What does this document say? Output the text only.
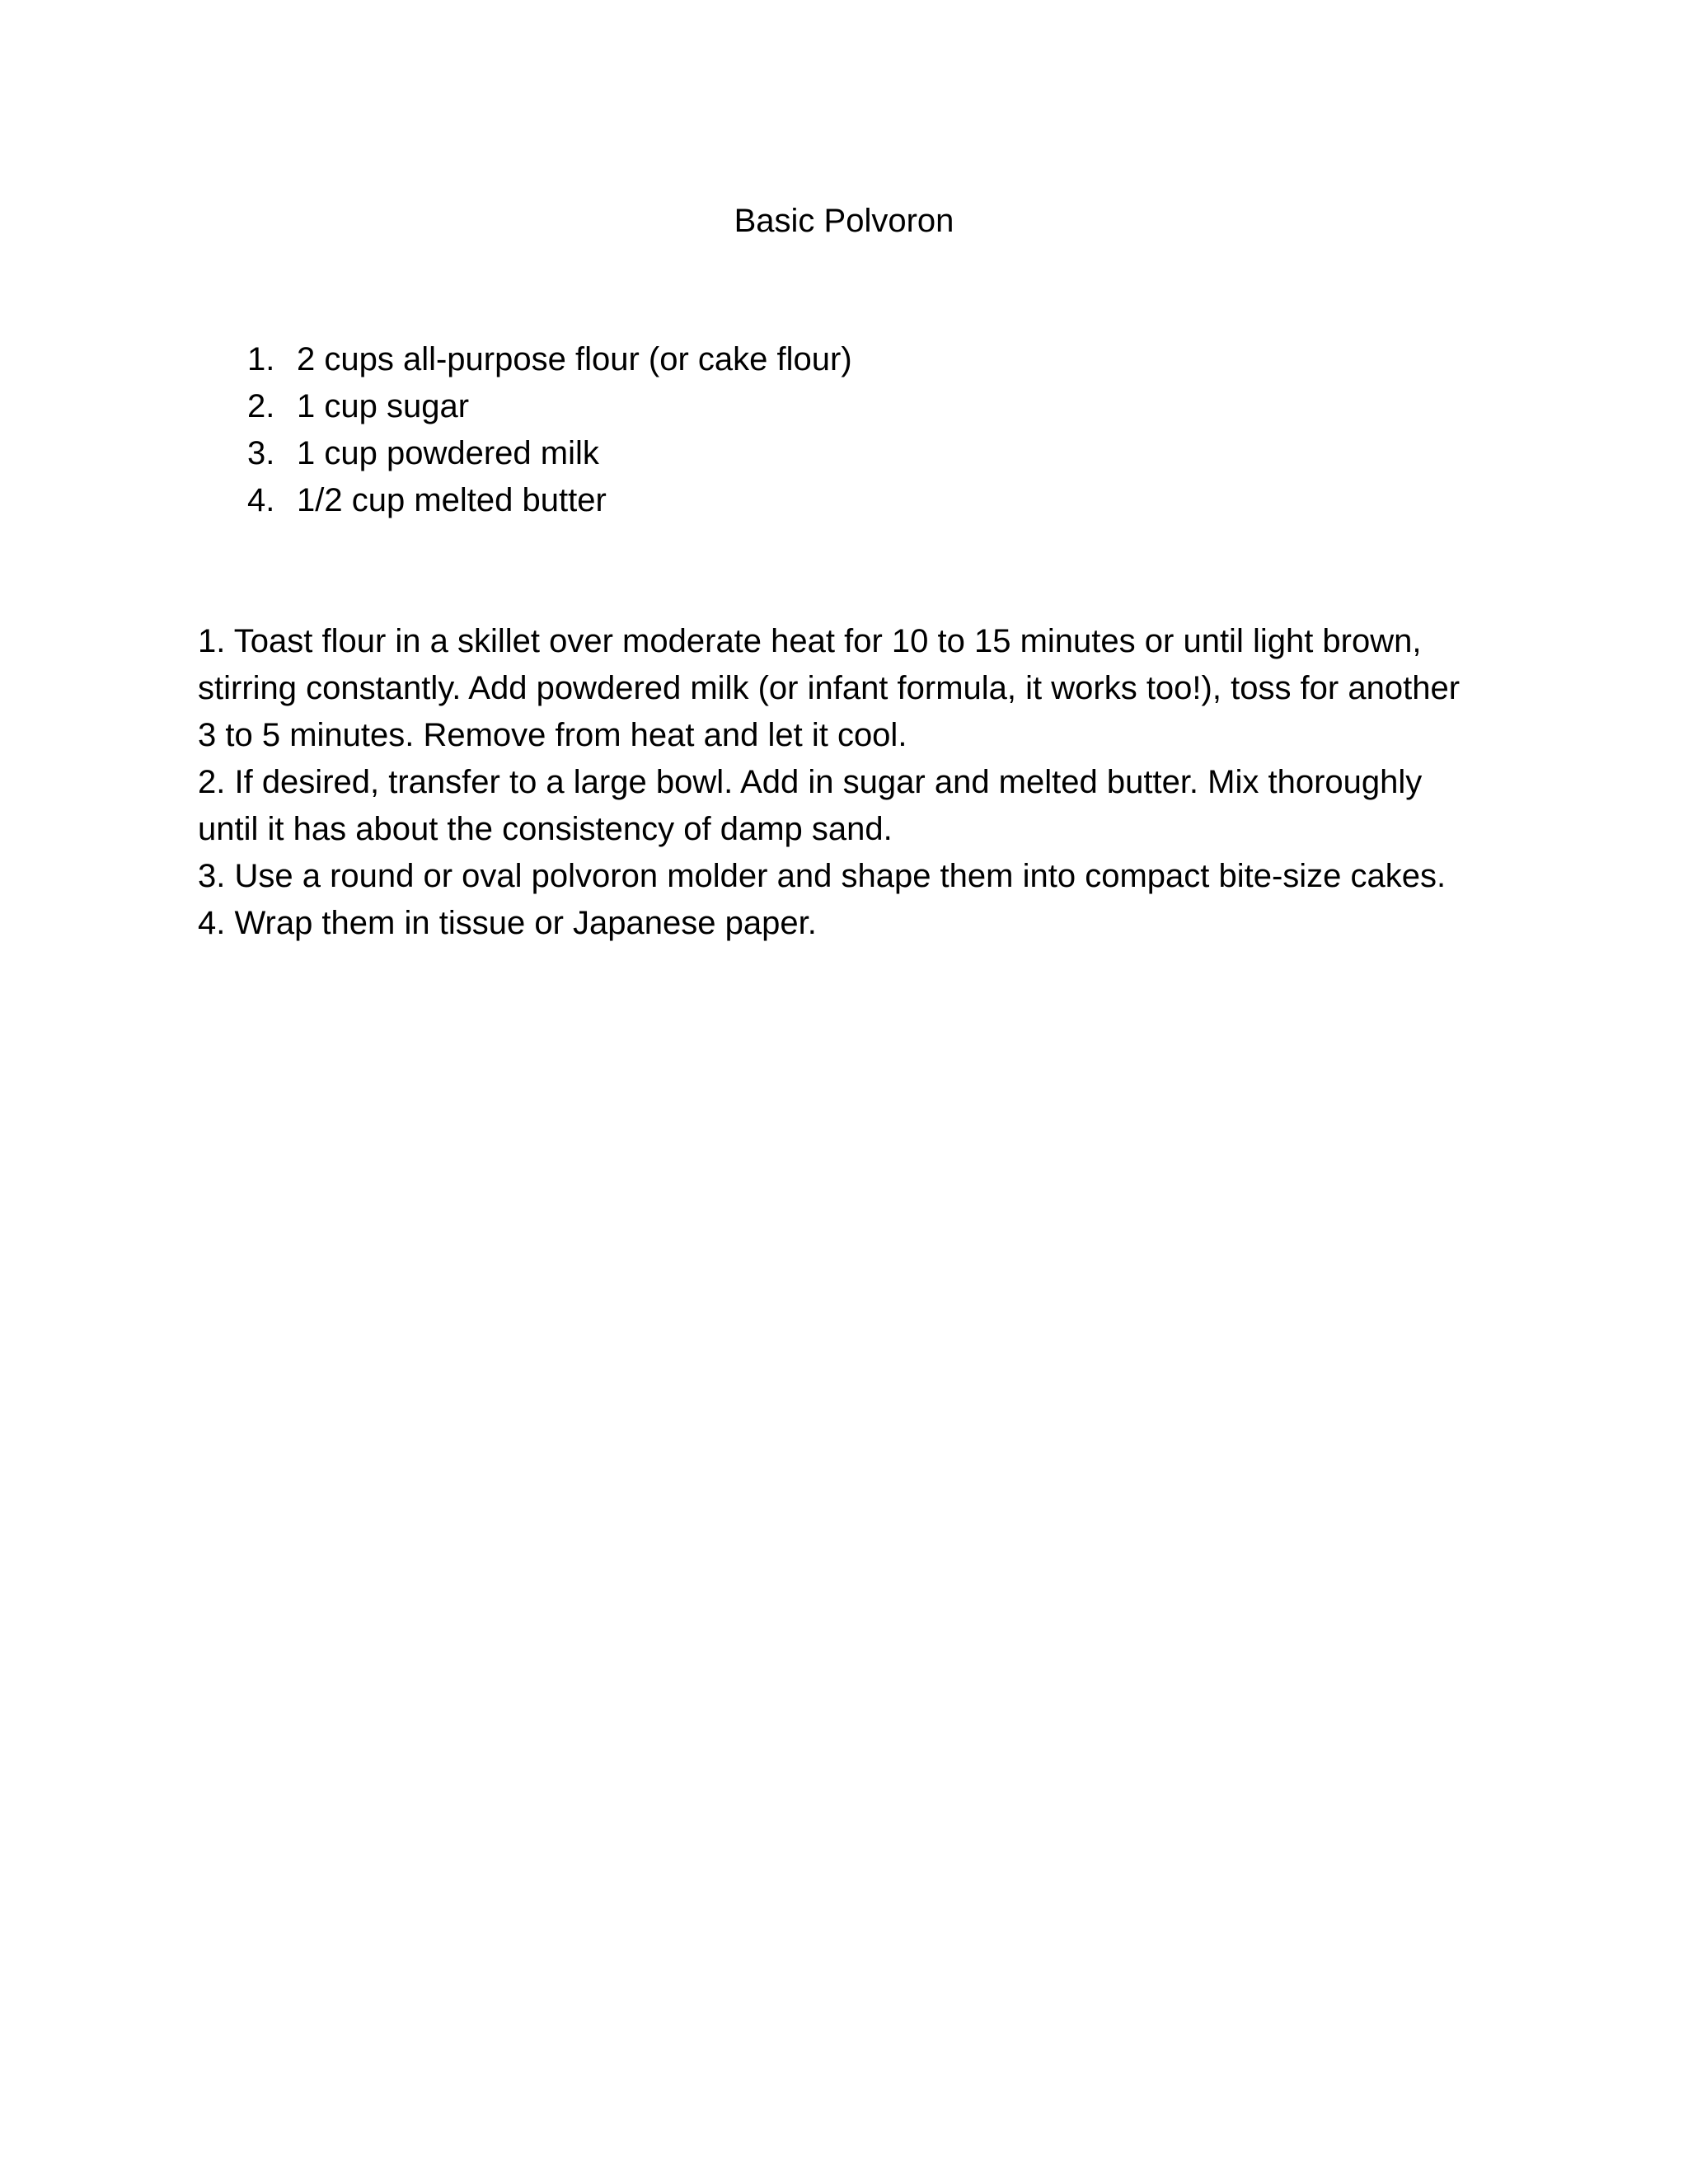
Basic Polvoron
1. 2 cups all-purpose flour (or cake flour)
2. 1 cup sugar
3. 1 cup powdered milk
4. 1/2 cup melted butter

1. Toast flour in a skillet over moderate heat for 10 to 15 minutes or until light brown, stirring constantly. Add powdered milk (or infant formula, it works too!), toss for another 3 to 5 minutes. Remove from heat and let it cool.

2. If desired, transfer to a large bowl. Add in sugar and melted butter. Mix thoroughly until it has about the consistency of damp sand.

3. Use a round or oval polvoron molder and shape them into compact bite-size cakes.

4. Wrap them in tissue or Japanese paper.
